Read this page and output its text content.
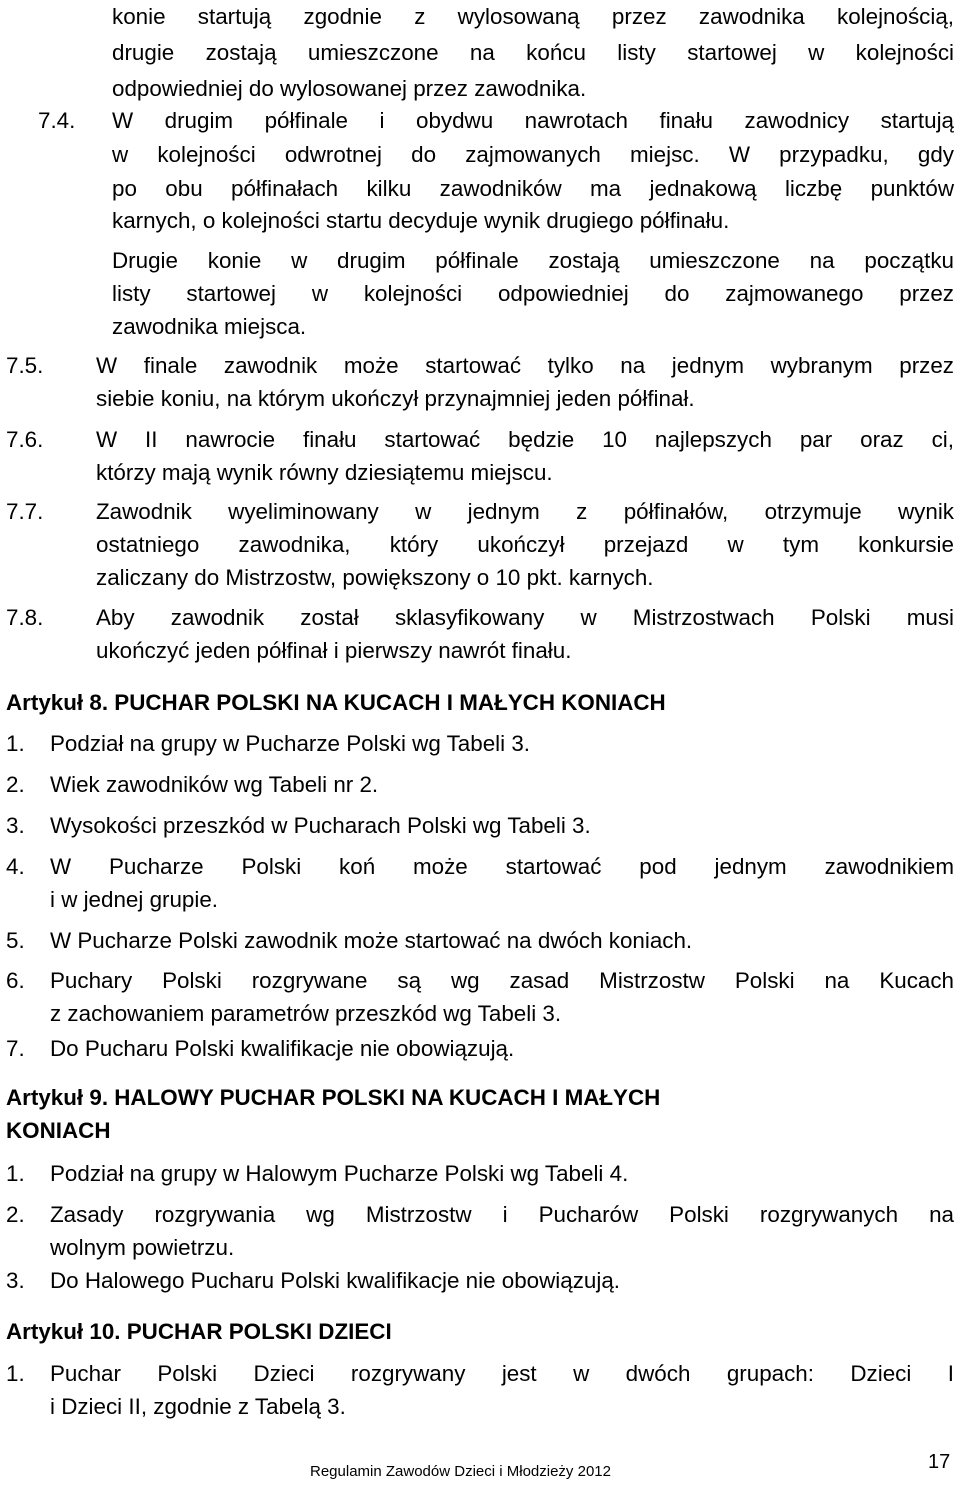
konie startują zgodnie z wylosowaną przez zawodnika kolejnością,
drugie zostają umieszczone na końcu listy startowej w kolejności
odpowiedniej do wylosowanej przez zawodnika.
7.4. W drugim półfinale i obydwu nawrotach finału zawodnicy startują
w kolejności odwrotnej do zajmowanych miejsc. W przypadku, gdy
po obu półfinałach kilku zawodników ma jednakową liczbę punktów
karnych, o kolejności startu decyduje wynik drugiego półfinału.
Drugie konie w drugim półfinale zostają umieszczone na początku
listy startowej w kolejności odpowiedniej do zajmowanego przez
zawodnika miejsca.
7.5. W finale zawodnik może startować tylko na jednym wybranym przez
siebie koniu, na którym ukończył przynajmniej jeden półfinał.
7.6. W II nawrocie finału startować będzie 10 najlepszych par oraz ci,
którzy mają wynik równy dziesiątemu miejscu.
7.7. Zawodnik wyeliminowany w jednym z półfinałów, otrzymuje wynik
ostatniego zawodnika, który ukończył przejazd w tym konkursie
zaliczany do Mistrzostw, powiększony o 10 pkt. karnych.
7.8. Aby zawodnik został sklasyfikowany w Mistrzostwach Polski musi
ukończyć jeden półfinał i pierwszy nawrót finału.
Artykuł 8. PUCHAR POLSKI NA KUCACH I MAŁYCH KONIACH
1. Podział na grupy w Pucharze Polski wg Tabeli 3.
2. Wiek zawodników wg Tabeli nr 2.
3. Wysokości przeszkód w Pucharach Polski wg Tabeli 3.
4. W Pucharze Polski koń może startować pod jednym zawodnikiem
i w jednej grupie.
5. W Pucharze Polski zawodnik może startować na dwóch koniach.
6. Puchary Polski rozgrywane są wg zasad Mistrzostw Polski na Kucach
z zachowaniem parametrów przeszkód wg Tabeli 3.
7. Do Pucharu Polski kwalifikacje nie obowiązują.
Artykuł 9. HALOWY PUCHAR POLSKI NA KUCACH I MAŁYCH
KONIACH
1. Podział na grupy w Halowym Pucharze Polski wg Tabeli 4.
2. Zasady rozgrywania wg Mistrzostw i Pucharów Polski rozgrywanych na
wolnym powietrzu.
3. Do Halowego Pucharu Polski kwalifikacje nie obowiązują.
Artykuł 10. PUCHAR POLSKI DZIECI
1. Puchar Polski Dzieci rozgrywany jest w dwóch grupach: Dzieci I
i Dzieci II, zgodnie z Tabelą 3.
Regulamin Zawodów Dzieci i Młodzieży 2012	17
